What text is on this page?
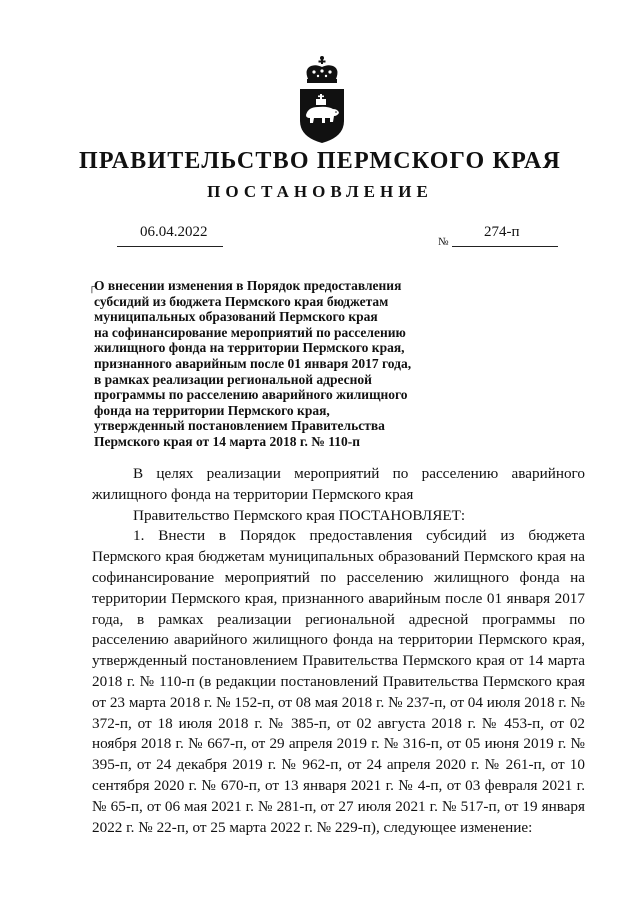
ПРАВИТЕЛЬСТВО ПЕРМСКОГО КРАЯ
ПОСТАНОВЛЕНИЕ
06.04.2022
№
274-п
┌

О внесении изменения в Порядок предоставления
субсидий из бюджета Пермского края бюджетам
муниципальных образований Пермского края
на софинансирование мероприятий по расселению
жилищного фонда на территории Пермского края,
признанного аварийным после 01 января 2017 года,
в рамках реализации региональной адресной
программы по расселению аварийного жилищного
фонда на территории Пермского края,
утвержденный постановлением Правительства
Пермского края от 14 марта 2018 г. № 110-п

В целях реализации мероприятий по расселению аварийного жилищного фонда на территории Пермского края

Правительство Пермского края ПОСТАНОВЛЯЕТ:

1. Внести в Порядок предоставления субсидий из бюджета Пермского края бюджетам муниципальных образований Пермского края на софинансирование мероприятий по расселению жилищного фонда на территории Пермского края, признанного аварийным после 01 января 2017 года, в рамках реализации региональной адресной программы по расселению аварийного жилищного фонда на территории Пермского края, утвержденный постановлением Правительства Пермского края от 14 марта 2018 г. № 110-п (в редакции постановлений Правительства Пермского края от 23 марта 2018 г. № 152-п, от 08 мая 2018 г. № 237-п, от 04 июля 2018 г. № 372-п, от 18 июля 2018 г. № 385-п, от 02 августа 2018 г. № 453-п, от 02 ноября 2018 г. № 667-п, от 29 апреля 2019 г. № 316-п, от 05 июня 2019 г. № 395-п, от 24 декабря 2019 г. № 962-п, от 24 апреля 2020 г. № 261-п, от 10 сентября 2020 г. № 670-п, от 13 января 2021 г. № 4-п, от 03 февраля 2021 г. № 65-п, от 06 мая 2021 г. № 281-п, от 27 июля 2021 г. № 517-п, от 19 января 2022 г. № 22-п, от 25 марта 2022 г. № 229-п), следующее изменение:
